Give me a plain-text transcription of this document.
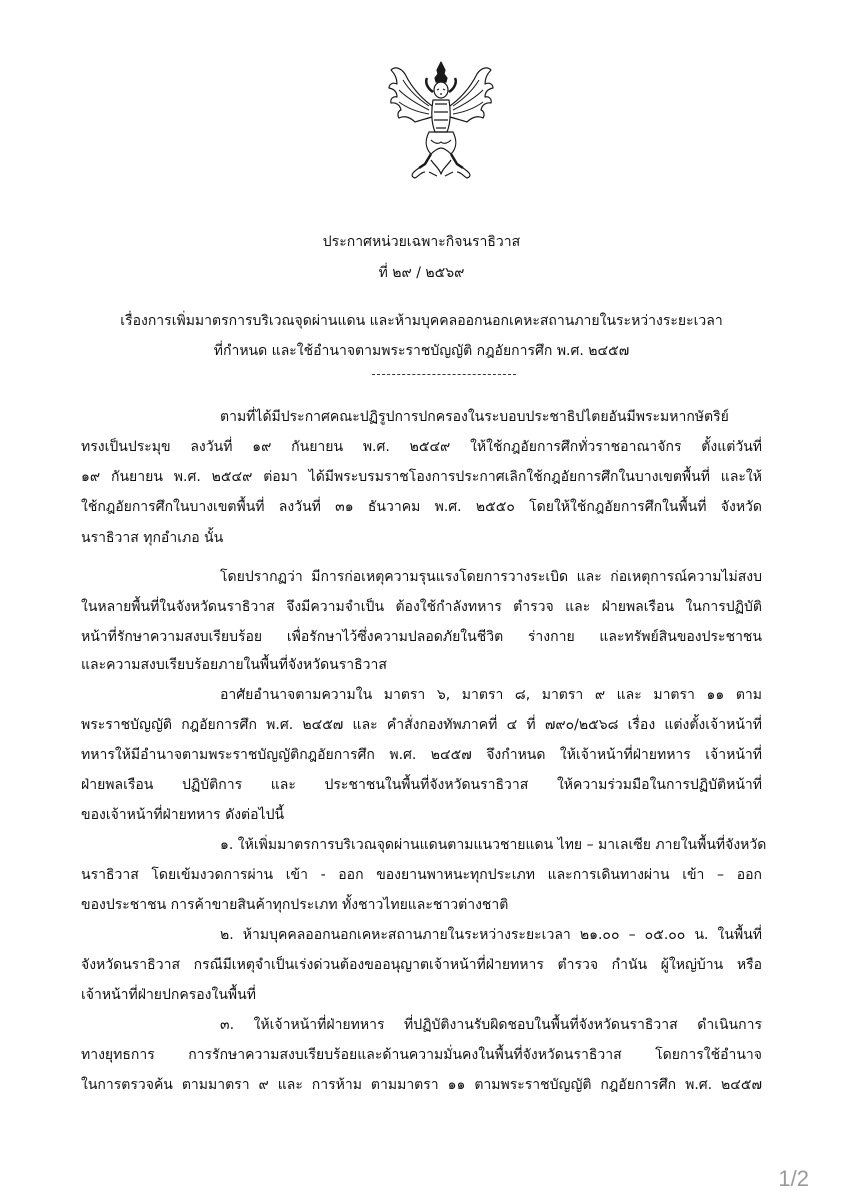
ประกาศหน่วยเฉพาะกิจนราธิวาส
ที่ ๒๙ / ๒๕๖๙
เรื่องการเพิ่มมาตรการบริเวณจุดผ่านแดน และห้ามบุคคลออกนอกเคหะสถานภายในระหว่างระยะเวลา
ที่กำหนด และใช้อำนาจตามพระราชบัญญัติ กฎอัยการศึก พ.ศ. ๒๔๕๗
ตามที่ได้มีประกาศคณะปฏิรูปการปกครองในระบอบประชาธิปไตยอันมีพระมหากษัตริย์
ทรงเป็นประมุข ลงวันที่ ๑๙ กันยายน พ.ศ. ๒๕๔๙ ให้ใช้กฎอัยการศึกทั่วราชอาณาจักร ตั้งแต่วันที่
๑๙ กันยายน พ.ศ. ๒๕๔๙ ต่อมา ได้มีพระบรมราชโองการประกาศเลิกใช้กฎอัยการศึกในบางเขตพื้นที่ และให้
ใช้กฎอัยการศึกในบางเขตพื้นที่ ลงวันที่ ๓๑ ธันวาคม พ.ศ. ๒๕๕๐ โดยให้ใช้กฎอัยการศึกในพื้นที่ จังหวัด
นราธิวาส ทุกอำเภอ นั้น
โดยปรากฏว่า มีการก่อเหตุความรุนแรงโดยการวางระเบิด และ ก่อเหตุการณ์ความไม่สงบ
ในหลายพื้นที่ในจังหวัดนราธิวาส จึงมีความจำเป็น ต้องใช้กำลังทหาร ตำรวจ และ ฝ่ายพลเรือน ในการปฏิบัติ
หน้าที่รักษาความสงบเรียบร้อย เพื่อรักษาไว้ซึ่งความปลอดภัยในชีวิต ร่างกาย และทรัพย์สินของประชาชน
และความสงบเรียบร้อยภายในพื้นที่จังหวัดนราธิวาส
อาศัยอำนาจตามความใน มาตรา ๖, มาตรา ๘, มาตรา ๙ และ มาตรา ๑๑ ตาม
พระราชบัญญัติ กฎอัยการศึก พ.ศ. ๒๔๕๗ และ คำสั่งกองทัพภาคที่ ๔ ที่ ๗๙๐/๒๕๖๘ เรื่อง แต่งตั้งเจ้าหน้าที่
ทหารให้มีอำนาจตามพระราชบัญญัติกฎอัยการศึก พ.ศ. ๒๔๕๗ จึงกำหนด ให้เจ้าหน้าที่ฝ่ายทหาร เจ้าหน้าที่
ฝ่ายพลเรือน ปฏิบัติการ และ ประชาชนในพื้นที่จังหวัดนราธิวาส ให้ความร่วมมือในการปฏิบัติหน้าที่
ของเจ้าหน้าที่ฝ่ายทหาร ดังต่อไปนี้
๑. ให้เพิ่มมาตรการบริเวณจุดผ่านแดนตามแนวชายแดน ไทย – มาเลเซีย ภายในพื้นที่จังหวัด
นราธิวาส โดยเข้มงวดการผ่าน เข้า - ออก ของยานพาหนะทุกประเภท และการเดินทางผ่าน เข้า – ออก
ของประชาชน การค้าขายสินค้าทุกประเภท ทั้งชาวไทยและชาวต่างชาติ
๒. ห้ามบุคคลออกนอกเคหะสถานภายในระหว่างระยะเวลา ๒๑.๐๐ – ๐๕.๐๐ น. ในพื้นที่
จังหวัดนราธิวาส กรณีมีเหตุจำเป็นเร่งด่วนต้องขออนุญาตเจ้าหน้าที่ฝ่ายทหาร ตำรวจ กำนัน ผู้ใหญ่บ้าน หรือ
เจ้าหน้าที่ฝ่ายปกครองในพื้นที่
๓. ให้เจ้าหน้าที่ฝ่ายทหาร ที่ปฏิบัติงานรับผิดชอบในพื้นที่จังหวัดนราธิวาส ดำเนินการ
ทางยุทธการ การรักษาความสงบเรียบร้อยและด้านความมั่นคงในพื้นที่จังหวัดนราธิวาส โดยการใช้อำนาจ
ในการตรวจค้น ตามมาตรา ๙ และ การห้าม ตามมาตรา ๑๑ ตามพระราชบัญญัติ กฎอัยการศึก พ.ศ. ๒๔๕๗
1/2
